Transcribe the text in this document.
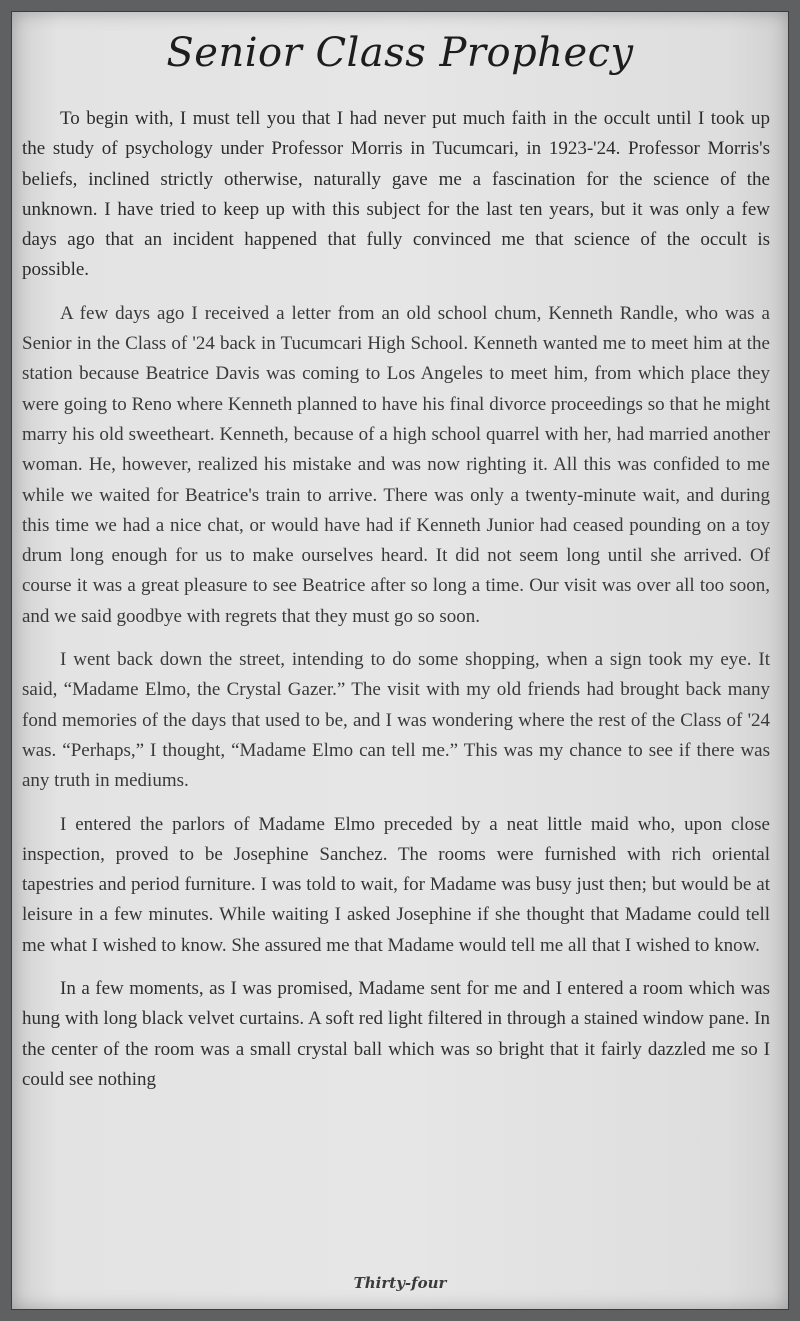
Senior Class Prophecy

To begin with, I must tell you that I had never put much faith in the occult until I took up the study of psychology under Professor Morris in Tucumcari, in 1923-'24. Professor Morris's beliefs, inclined strictly otherwise, naturally gave me a fascination for the science of the unknown. I have tried to keep up with this subject for the last ten years, but it was only a few days ago that an incident happened that fully convinced me that science of the occult is possible.

A few days ago I received a letter from an old school chum, Kenneth Randle, who was a Senior in the Class of '24 back in Tucumcari High School. Kenneth wanted me to meet him at the station because Beatrice Davis was coming to Los Angeles to meet him, from which place they were going to Reno where Kenneth planned to have his final divorce proceedings so that he might marry his old sweetheart. Kenneth, because of a high school quarrel with her, had married another woman. He, however, realized his mistake and was now righting it. All this was confided to me while we waited for Beatrice's train to arrive. There was only a twenty-minute wait, and during this time we had a nice chat, or would have had if Kenneth Junior had ceased pounding on a toy drum long enough for us to make ourselves heard. It did not seem long until she arrived. Of course it was a great pleasure to see Beatrice after so long a time. Our visit was over all too soon, and we said goodbye with regrets that they must go so soon.

I went back down the street, intending to do some shopping, when a sign took my eye. It said, “Madame Elmo, the Crystal Gazer.” The visit with my old friends had brought back many fond memories of the days that used to be, and I was wondering where the rest of the Class of '24 was. “Perhaps,” I thought, “Madame Elmo can tell me.” This was my chance to see if there was any truth in mediums.

I entered the parlors of Madame Elmo preceded by a neat little maid who, upon close inspection, proved to be Josephine Sanchez. The rooms were furnished with rich oriental tapestries and period furniture. I was told to wait, for Madame was busy just then; but would be at leisure in a few minutes. While waiting I asked Josephine if she thought that Madame could tell me what I wished to know. She assured me that Madame would tell me all that I wished to know.

In a few moments, as I was promised, Madame sent for me and I entered a room which was hung with long black velvet curtains. A soft red light filtered in through a stained window pane. In the center of the room was a small crystal ball which was so bright that it fairly dazzled me so I could see nothing

Thirty-four
